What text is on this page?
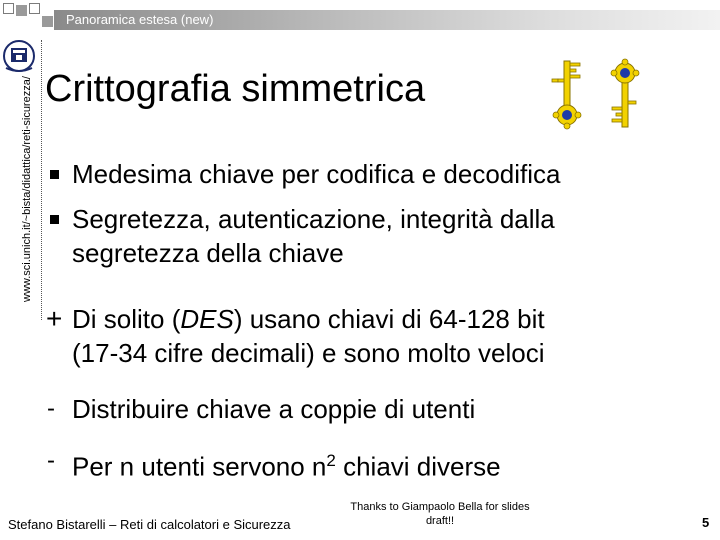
Panoramica estesa (new)
www.sci.unich.it/~bista/didattica/reti-sicurezza/ Crittografia simmetrica
Medesima chiave per codifica e decodifica
Segretezza, autenticazione, integrità dalla
segretezza della chiave
+ Di solito (DES) usano chiavi di 64-128 bit
(17-34 cifre decimali) e sono molto veloci
- Distribuire chiave a coppie di utenti
- Per n utenti servono $n^2$ chiavi diverse
Stefano Bistarelli – Reti di calcolatori e Sicurezza
Thanks to Giampaolo Bella for slides
draft!!	5
